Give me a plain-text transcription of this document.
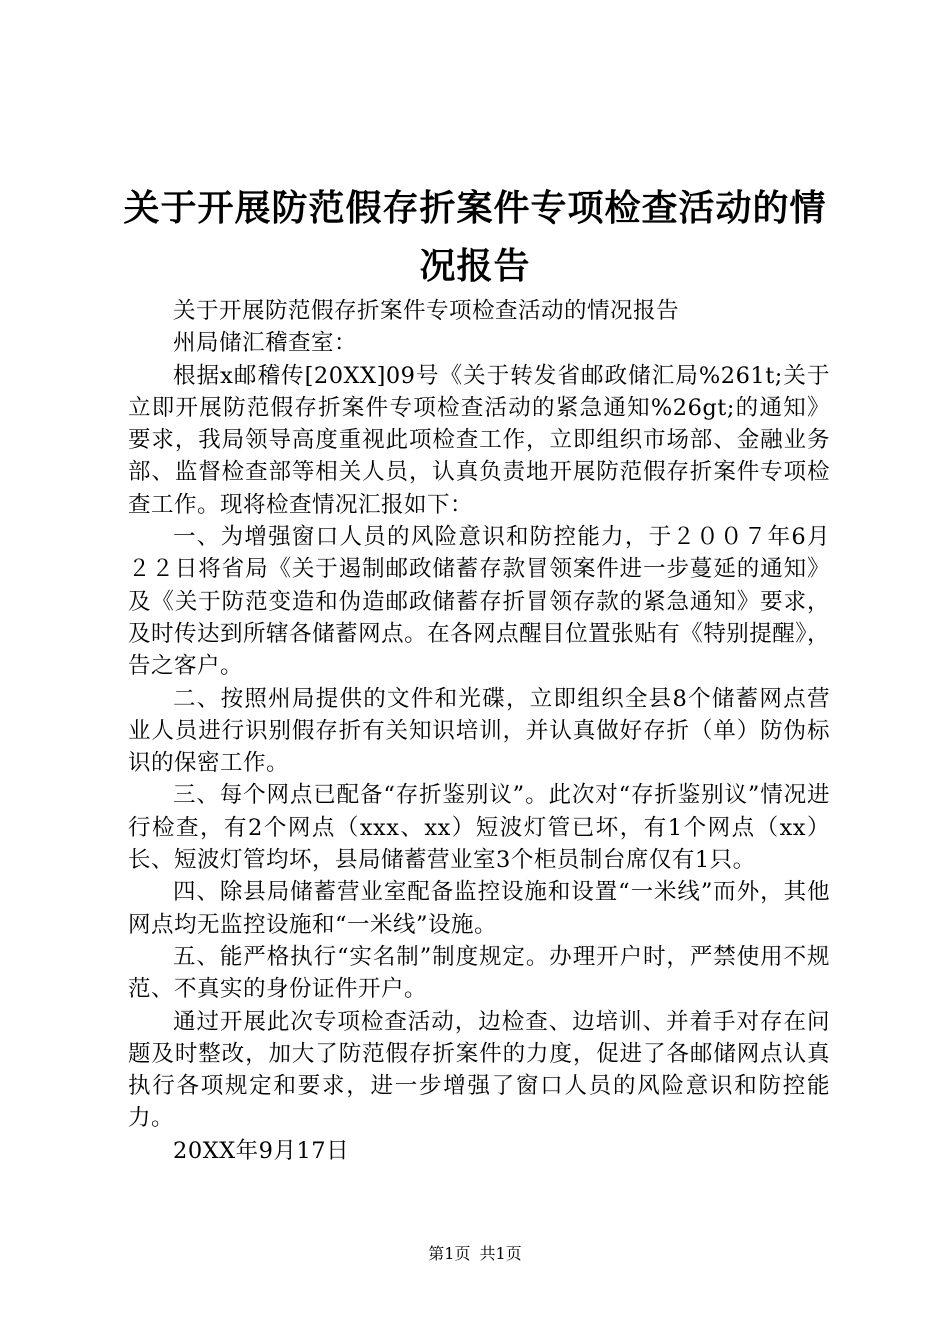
关于开展防范假存折案件专项检查活动的情况报告

关于开展防范假存折案件专项检查活动的情况报告

州局储汇稽查室：

根据x邮稽传[20XX]09号《关于转发省邮政储汇局%261t;关于立即开展防范假存折案件专项检查活动的紧急通知%26gt;的通知》要求，我局领导高度重视此项检查工作，立即组织市场部、金融业务部、监督检查部等相关人员，认真负责地开展防范假存折案件专项检查工作。现将检查情况汇报如下：

一、为增强窗口人员的风险意识和防控能力，于２００７年6月２２日将省局《关于遏制邮政储蓄存款冒领案件进一步蔓延的通知》及《关于防范变造和伪造邮政储蓄存折冒领存款的紧急通知》要求，及时传达到所辖各储蓄网点。在各网点醒目位置张贴有《特别提醒》，告之客户。

二、按照州局提供的文件和光碟，立即组织全县8个储蓄网点营业人员进行识别假存折有关知识培训，并认真做好存折（单）防伪标识的保密工作。

三、每个网点已配备“存折鉴别议”。此次对“存折鉴别议”情况进行检查，有2个网点（xxx、xx）短波灯管已坏，有1个网点（xx）长、短波灯管均坏，县局储蓄营业室3个柜员制台席仅有1只。

四、除县局储蓄营业室配备监控设施和设置“一米线”而外，其他网点均无监控设施和“一米线”设施。

五、能严格执行“实名制”制度规定。办理开户时，严禁使用不规范、不真实的身份证件开户。

通过开展此次专项检查活动，边检查、边培训、并着手对存在问题及时整改，加大了防范假存折案件的力度，促进了各邮储网点认真执行各项规定和要求，进一步增强了窗口人员的风险意识和防控能力。

20XX年9月17日

第1页 共1页
